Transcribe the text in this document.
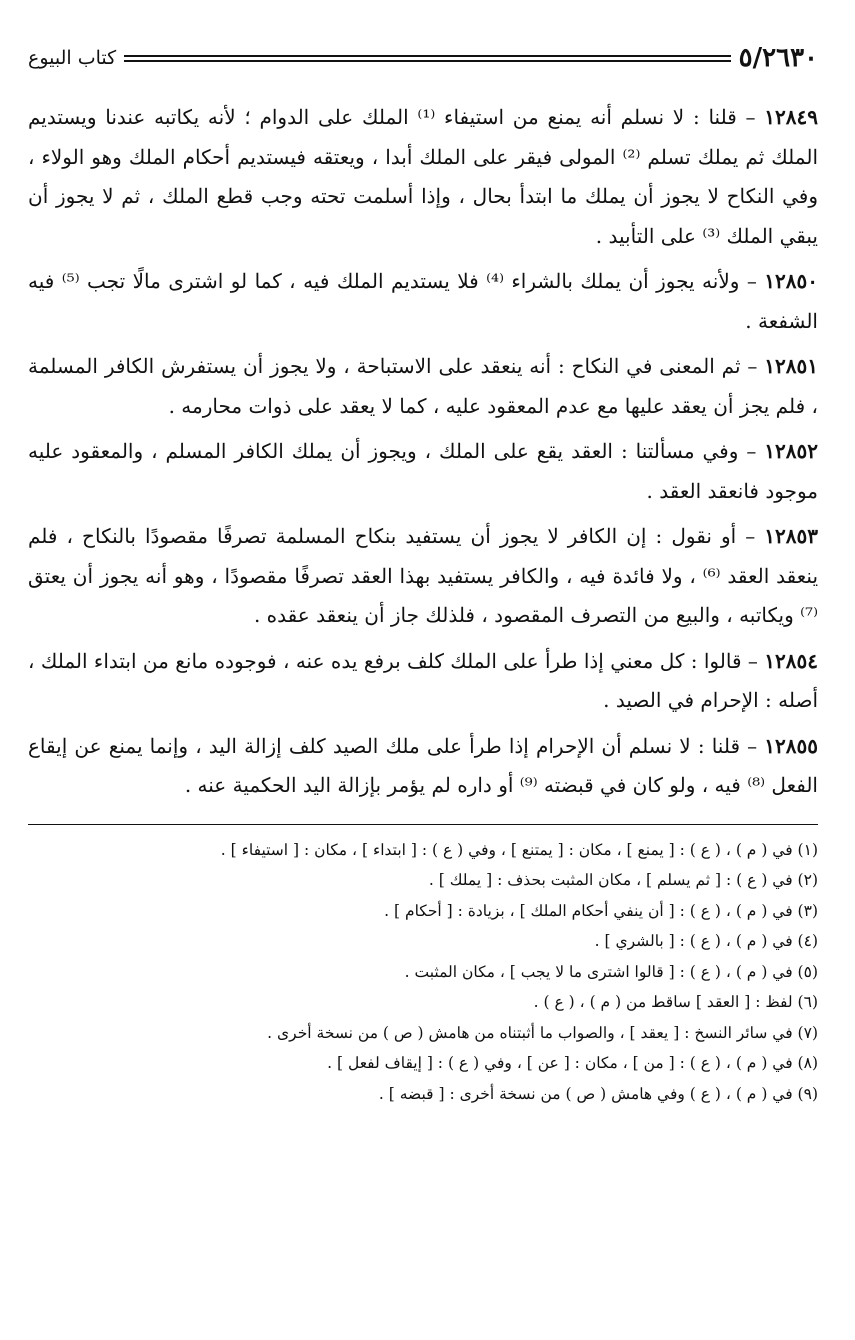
٥/٢٦٣٠
كتاب البيوع

١٢٨٤٩ – قلنا : لا نسلم أنه يمنع من استيفاء ⁽¹⁾ الملك على الدوام ؛ لأنه يكاتبه عندنا ويستديم الملك ثم يملك تسلم ⁽²⁾ المولى فيقر على الملك أبدا ، ويعتقه فيستديم أحكام الملك وهو الولاء ، وفي النكاح لا يجوز أن يملك ما ابتدأ بحال ، وإذا أسلمت تحته وجب قطع الملك ، ثم لا يجوز أن يبقي الملك ⁽³⁾ على التأبيد .

١٢٨٥٠ – ولأنه يجوز أن يملك بالشراء ⁽⁴⁾ فلا يستديم الملك فيه ، كما لو اشترى مالًا تجب ⁽⁵⁾ فيه الشفعة .

١٢٨٥١ – ثم المعنى في النكاح : أنه ينعقد على الاستباحة ، ولا يجوز أن يستفرش الكافر المسلمة ، فلم يجز أن يعقد عليها مع عدم المعقود عليه ، كما لا يعقد على ذوات محارمه .

١٢٨٥٢ – وفي مسألتنا : العقد يقع على الملك ، ويجوز أن يملك الكافر المسلم ، والمعقود عليه موجود فانعقد العقد .

١٢٨٥٣ – أو نقول : إن الكافر لا يجوز أن يستفيد بنكاح المسلمة تصرفًا مقصودًا بالنكاح ، فلم ينعقد العقد ⁽⁶⁾ ، ولا فائدة فيه ، والكافر يستفيد بهذا العقد تصرفًا مقصودًا ، وهو أنه يجوز أن يعتق ⁽⁷⁾ ويكاتبه ، والبيع من التصرف المقصود ، فلذلك جاز أن ينعقد عقده .

١٢٨٥٤ – قالوا : كل معني إذا طرأ على الملك كلف برفع يده عنه ، فوجوده مانع من ابتداء الملك ، أصله : الإحرام في الصيد .

١٢٨٥٥ – قلنا : لا نسلم أن الإحرام إذا طرأ على ملك الصيد كلف إزالة اليد ، وإنما يمنع عن إيقاع الفعل ⁽⁸⁾ فيه ، ولو كان في قبضته ⁽⁹⁾ أو داره لم يؤمر بإزالة اليد الحكمية عنه .

(١) في ( م ) ، ( ع ) : [ يمنع ] ، مكان : [ يمتنع ] ، وفي ( ع ) : [ ابتداء ] ، مكان : [ استيفاء ] .

(٢) في ( ع ) : [ ثم يسلم ] ، مكان المثبت بحذف : [ يملك ] .

(٣) في ( م ) ، ( ع ) : [ أن ينفي أحكام الملك ] ، بزيادة : [ أحكام ] .

(٤) في ( م ) ، ( ع ) : [ بالشري ] .

(٥) في ( م ) ، ( ع ) : [ قالوا اشترى ما لا يجب ] ، مكان المثبت .

(٦) لفظ : [ العقد ] ساقط من ( م ) ، ( ع ) .

(٧) في سائر النسخ : [ يعقد ] ، والصواب ما أثبتناه من هامش ( ص ) من نسخة أخرى .

(٨) في ( م ) ، ( ع ) : [ من ] ، مكان : [ عن ] ، وفي ( ع ) : [ إيقاف لفعل ] .

(٩) في ( م ) ، ( ع ) وفي هامش ( ص ) من نسخة أخرى : [ قبضه ] .
